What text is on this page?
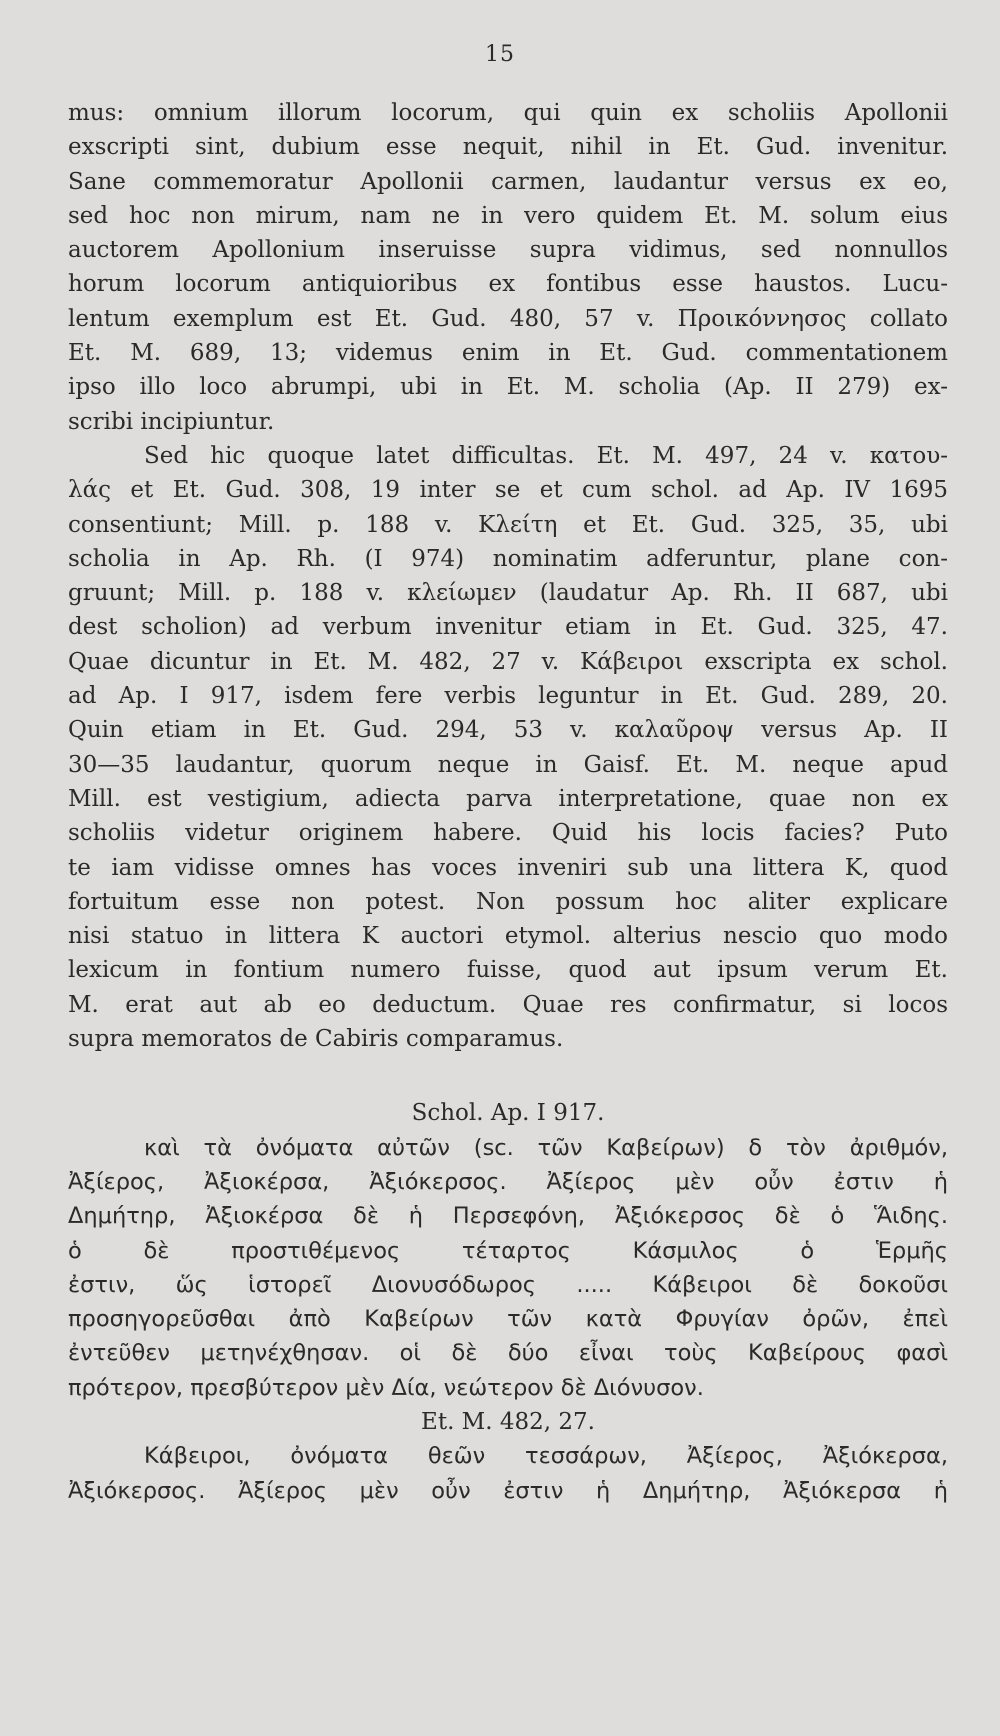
15
mus: omnium illorum locorum, qui quin ex scholiis Apollonii
exscripti sint, dubium esse nequit, nihil in Et. Gud. invenitur.
Sane commemoratur Apollonii carmen, laudantur versus ex eo,
sed hoc non mirum, nam ne in vero quidem Et. M. solum eius
auctorem Apollonium inseruisse supra vidimus, sed nonnullos
horum locorum antiquioribus ex fontibus esse haustos. Lucu-
lentum exemplum est Et. Gud. 480, 57 v. Προικόννησος collato
Et. M. 689, 13; videmus enim in Et. Gud. commentationem
ipso illo loco abrumpi, ubi in Et. M. scholia (Ap. II 279) ex-
scribi incipiuntur.
Sed hic quoque latet difficultas. Et. M. 497, 24 v. κατου-
λάς et Et. Gud. 308, 19 inter se et cum schol. ad Ap. IV 1695
consentiunt; Mill. p. 188 v. Κλείτη et Et. Gud. 325, 35, ubi
scholia in Ap. Rh. (I 974) nominatim adferuntur, plane con-
gruunt; Mill. p. 188 v. κλείωμεν (laudatur Ap. Rh. II 687, ubi
dest scholion) ad verbum invenitur etiam in Et. Gud. 325, 47.
Quae dicuntur in Et. M. 482, 27 v. Κάβειροι exscripta ex schol.
ad Ap. I 917, isdem fere verbis leguntur in Et. Gud. 289, 20.
Quin etiam in Et. Gud. 294, 53 v. καλαῦροψ versus Ap. II
30—35 laudantur, quorum neque in Gaisf. Et. M. neque apud
Mill. est vestigium, adiecta parva interpretatione, quae non ex
scholiis videtur originem habere. Quid his locis facies? Puto
te iam vidisse omnes has voces inveniri sub una littera Κ, quod
fortuitum esse non potest. Non possum hoc aliter explicare
nisi statuo in littera Κ auctori etymol. alterius nescio quo modo
lexicum in fontium numero fuisse, quod aut ipsum verum Et.
M. erat aut ab eo deductum. Quae res confirmatur, si locos
supra memoratos de Cabiris comparamus.
Schol. Ap. I 917.
καὶ τὰ ὀνόματα αὐτῶν (sc. τῶν Καβείρων) δ τὸν ἀριθμόν,
Ἀξίερος, Ἀξιοκέρσα, Ἀξιόκερσος. Ἀξίερος μὲν οὖν ἐστιν ἡ
Δημήτηρ, Ἀξιοκέρσα δὲ ἡ Περσεφόνη, Ἀξιόκερσος δὲ ὁ Ἅιδης.
ὁ δὲ προστιθέμενος τέταρτος Κάσμιλος ὁ Ἑρμῆς
ἐστιν, ὥς ἱστορεῖ Διονυσόδωρος ..... Κάβειροι δὲ δοκοῦσι
προσηγορεῦσθαι ἀπὸ Καβείρων τῶν κατὰ Φρυγίαν ὀρῶν, ἐπεὶ
ἐντεῦθεν μετηνέχθησαν. οἱ δὲ δύο εἶναι τοὺς Καβείρους φασὶ
πρότερον, πρεσβύτερον μὲν Δία, νεώτερον δὲ Διόνυσον.
Et. M. 482, 27.
Κάβειροι, ὀνόματα θεῶν τεσσάρων, Ἀξίερος, Ἀξιόκερσα,
Ἀξιόκερσος. Ἀξίερος μὲν οὖν ἐστιν ἡ Δημήτηρ, Ἀξιόκερσα ἡ
